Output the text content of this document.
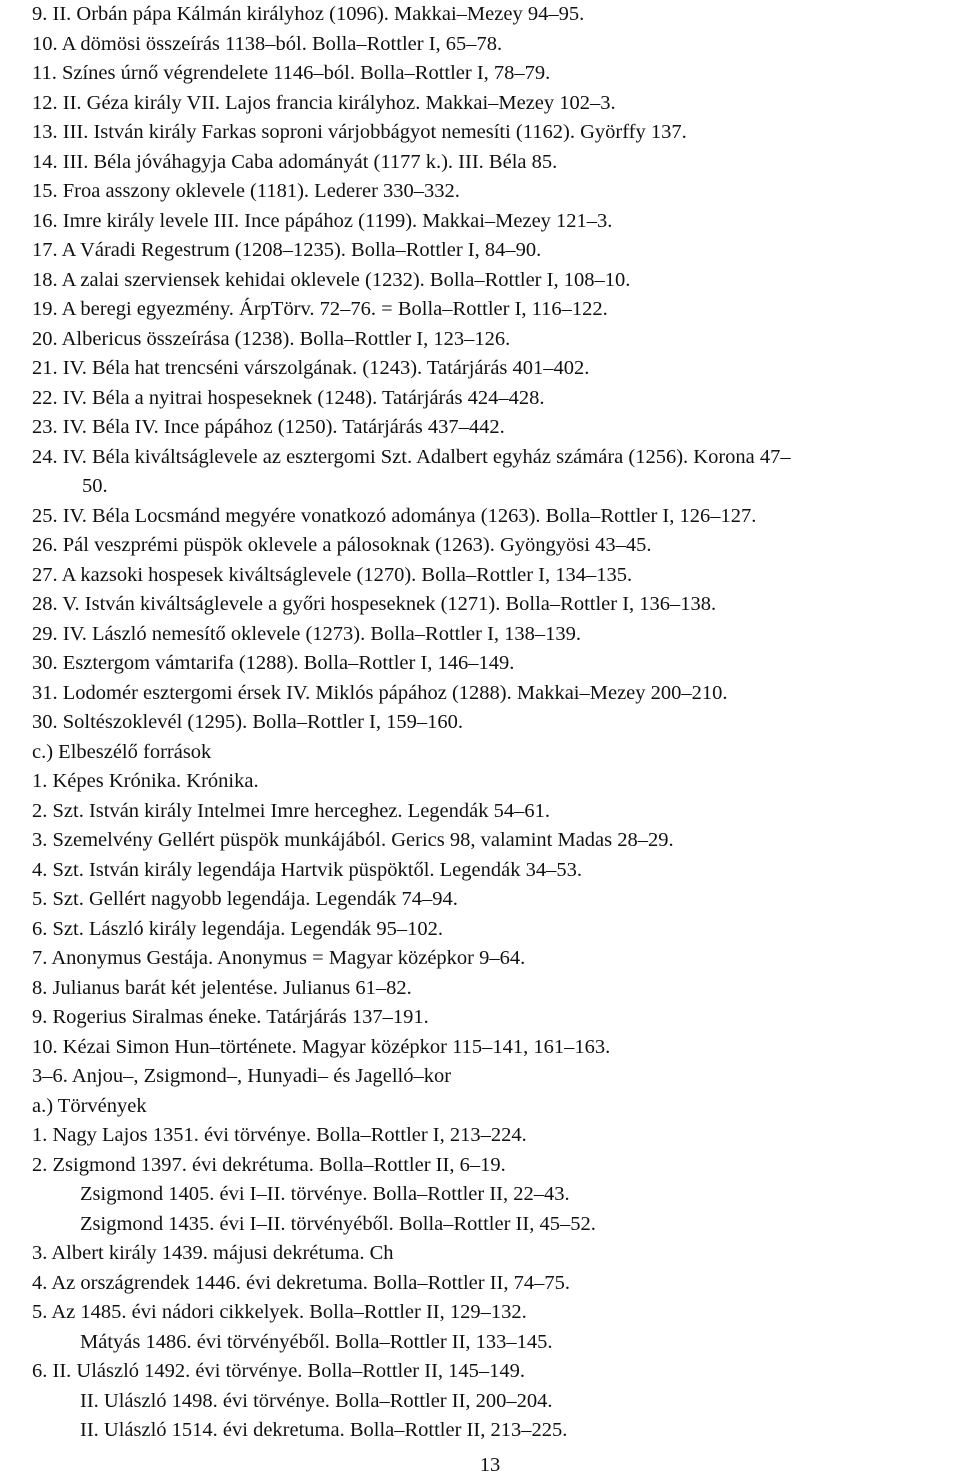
9. II. Orbán pápa Kálmán királyhoz (1096). Makkai–Mezey 94–95.
10. A dömösi összeírás 1138–ból. Bolla–Rottler I, 65–78.
11. Színes úrnő végrendelete 1146–ból. Bolla–Rottler I, 78–79.
12. II. Géza király VII. Lajos francia királyhoz. Makkai–Mezey 102–3.
13. III. István király Farkas soproni várjobbágyot nemesíti (1162). Györffy 137.
14. III. Béla jóváhagyja Caba adományát (1177 k.). III. Béla 85.
15. Froa asszony oklevele (1181). Lederer 330–332.
16. Imre király levele III. Ince pápához (1199). Makkai–Mezey 121–3.
17. A Váradi Regestrum (1208–1235). Bolla–Rottler I, 84–90.
18. A zalai szerviensek kehidai oklevele (1232). Bolla–Rottler I, 108–10.
19. A beregi egyezmény. ÁrpTörv. 72–76. = Bolla–Rottler I, 116–122.
20. Albericus összeírása (1238). Bolla–Rottler I, 123–126.
21. IV. Béla hat trencséni várszolgának. (1243). Tatárjárás 401–402.
22. IV. Béla a nyitrai hospeseknek (1248). Tatárjárás 424–428.
23. IV. Béla IV. Ince pápához (1250). Tatárjárás 437–442.
24. IV. Béla kiváltságlevele az esztergomi Szt. Adalbert egyház számára (1256). Korona 47–
50.
25. IV. Béla Locsmánd megyére vonatkozó adománya (1263). Bolla–Rottler I, 126–127.
26. Pál veszprémi püspök oklevele a pálosoknak (1263). Gyöngyösi 43–45.
27. A kazsoki hospesek kiváltságlevele (1270). Bolla–Rottler I, 134–135.
28. V. István kiváltságlevele a győri hospeseknek (1271). Bolla–Rottler I, 136–138.
29. IV. László nemesítő oklevele (1273). Bolla–Rottler I, 138–139.
30. Esztergom vámtarifa (1288). Bolla–Rottler I, 146–149.
31. Lodomér esztergomi érsek IV. Miklós pápához (1288). Makkai–Mezey 200–210.
30. Soltészoklevél (1295). Bolla–Rottler I, 159–160.
c.) Elbeszélő források
1. Képes Krónika. Krónika.
2. Szt. István király Intelmei Imre herceghez. Legendák 54–61.
3. Szemelvény Gellért püspök munkájából. Gerics 98, valamint Madas 28–29.
4. Szt. István király legendája Hartvik püspöktől. Legendák 34–53.
5. Szt. Gellért nagyobb legendája. Legendák 74–94.
6. Szt. László király legendája. Legendák 95–102.
7. Anonymus Gestája. Anonymus = Magyar középkor 9–64.
8. Julianus barát két jelentése. Julianus 61–82.
9. Rogerius Siralmas éneke. Tatárjárás 137–191.
10. Kézai Simon Hun–története. Magyar középkor 115–141, 161–163.
3–6. Anjou–, Zsigmond–, Hunyadi– és Jagelló–kor
a.) Törvények
1. Nagy Lajos 1351. évi törvénye. Bolla–Rottler I, 213–224.
2. Zsigmond 1397. évi dekrétuma. Bolla–Rottler II, 6–19.
Zsigmond 1405. évi I–II. törvénye. Bolla–Rottler II, 22–43.
Zsigmond 1435. évi I–II. törvényéből. Bolla–Rottler II, 45–52.
3. Albert király 1439. májusi dekrétuma. Ch
4. Az országrendek 1446. évi dekretuma. Bolla–Rottler II, 74–75.
5. Az 1485. évi nádori cikkelyek. Bolla–Rottler II, 129–132.
Mátyás 1486. évi törvényéből. Bolla–Rottler II, 133–145.
6. II. Ulászló 1492. évi törvénye. Bolla–Rottler II, 145–149.
II. Ulászló 1498. évi törvénye. Bolla–Rottler II, 200–204.
II. Ulászló 1514. évi dekretuma. Bolla–Rottler II, 213–225.
13
